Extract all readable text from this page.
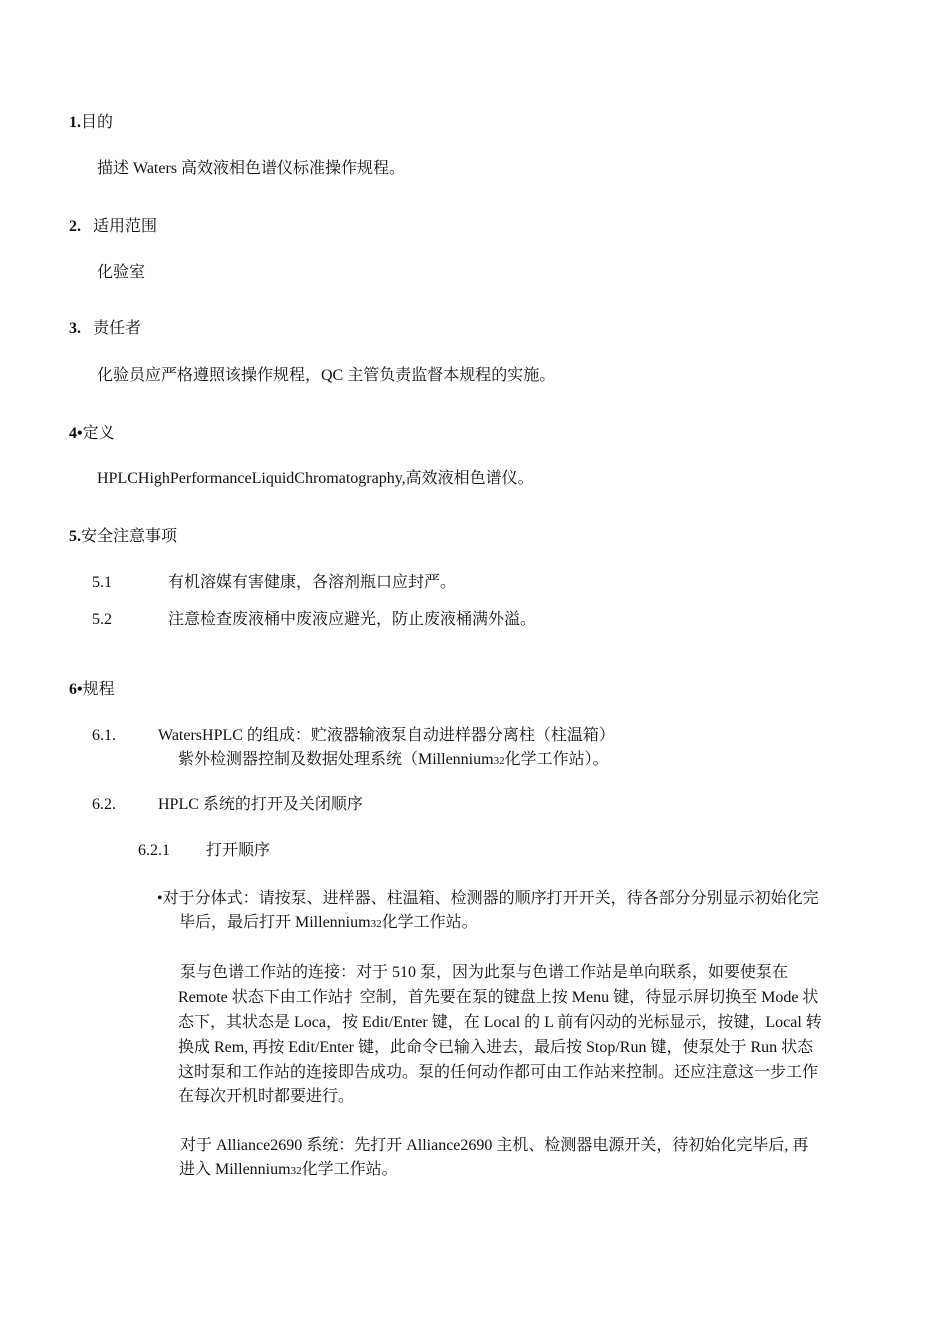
1.目的
描述 Waters 高效液相色谱仪标准操作规程。
2. 适用范围
化验室
3. 责任者
化验员应严格遵照该操作规程，QC 主管负责监督本规程的实施。
4•定义
HPLCHighPerformanceLiquidChromatography,高效液相色谱仪。
5.安全注意事项
5.1	有机溶媒有害健康，各溶剂瓶口应封严。
5.2	注意检查废液桶中废液应避光，防止废液桶满外溢。
6•规程
6.1.	WatersHPLC 的组成：贮液器输液泵自动进样器分离柱（柱温箱）
紫外检测器控制及数据处理系统（Millennium32化学工作站）。
6.2.	HPLC 系统的打开及关闭顺序
6.2.1 打开顺序
•对于分体式：请按泵、进样器、柱温箱、检测器的顺序打开开关，待各部分分别显示初始化完
毕后，最后打开 Millennium32化学工作站。
泵与色谱工作站的连接：对于 510 泵，因为此泵与色谱工作站是单向联系，如要使泵在
Remote 状态下由工作站扌空制，首先要在泵的键盘上按 Menu 键，待显示屏切换至 Mode 状
态下，其状态是 Loca，按 Edit/Enter 键，在 Local 的 L 前有闪动的光标显示，按键，Local 转
换成 Rem, 再按 Edit/Enter 键，此命令已输入进去，最后按 Stop/Run 键，使泵处于 Run 状态
这时泵和工作站的连接即告成功。泵的任何动作都可由工作站来控制。还应注意这一步工作
在每次开机时都要进行。
对于 Alliance2690 系统：先打开 Alliance2690 主机、检测器电源开关，待初始化完毕后, 再
进入 Millennium32化学工作站。
